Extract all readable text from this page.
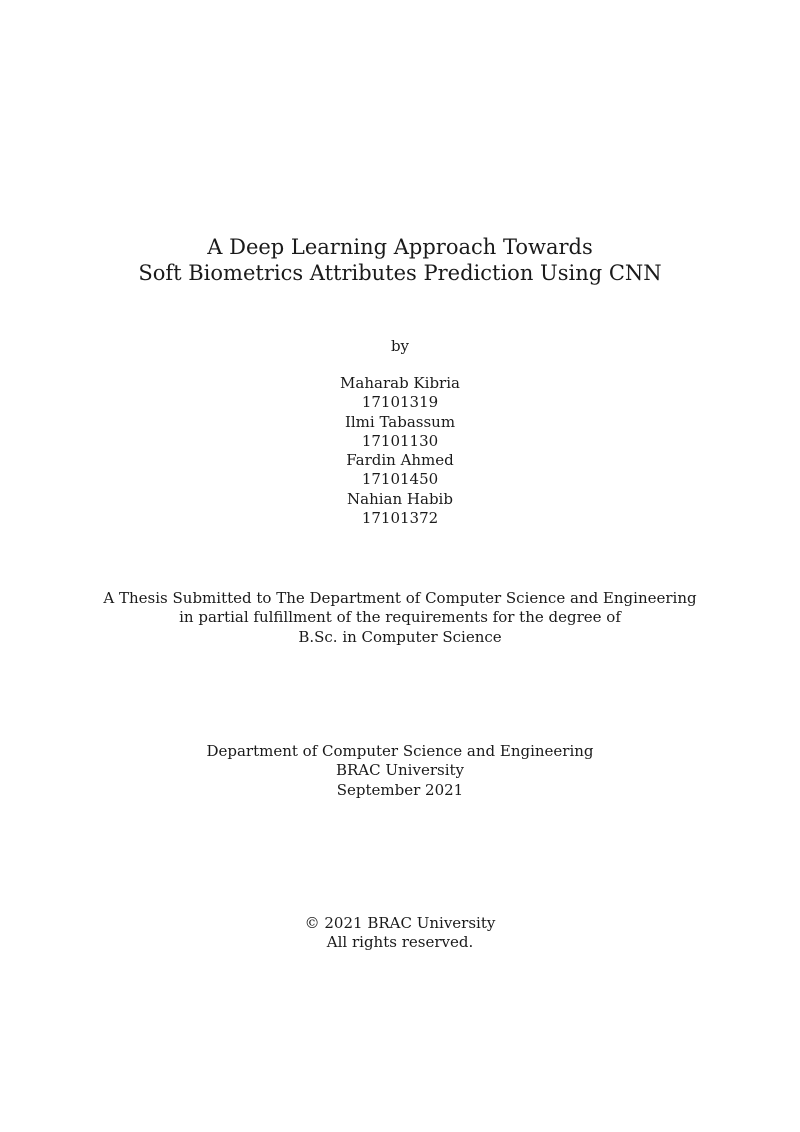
A Deep Learning Approach Towards
Soft Biometrics Attributes Prediction Using CNN
by
Maharab Kibria
17101319
Ilmi Tabassum
17101130
Fardin Ahmed
17101450
Nahian Habib
17101372
A Thesis Submitted to The Department of Computer Science and Engineering
in partial fulfillment of the requirements for the degree of
B.Sc. in Computer Science
Department of Computer Science and Engineering
BRAC University
September 2021
© 2021 BRAC University
All rights reserved.
